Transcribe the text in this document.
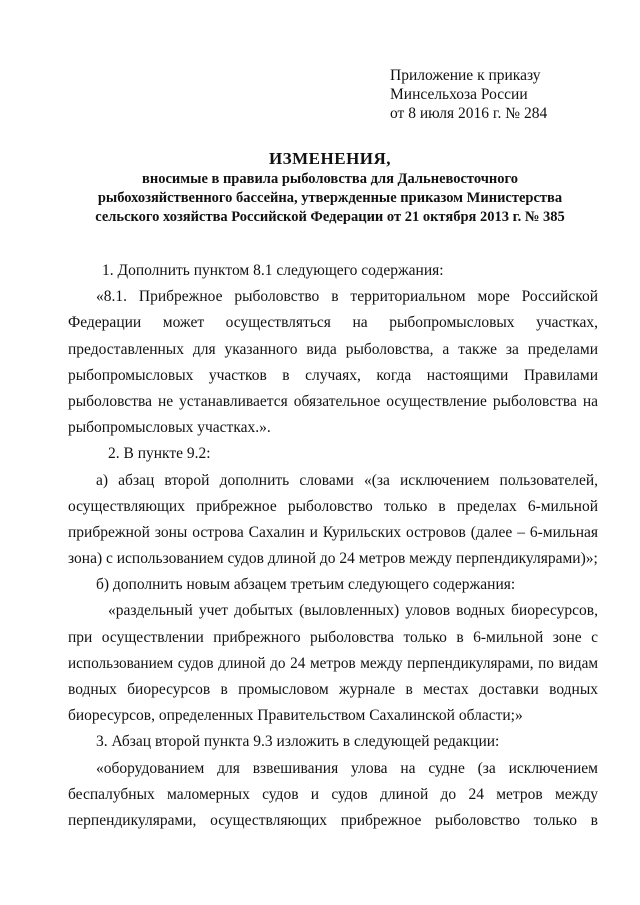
Приложение к приказу
Минсельхоза России
от 8 июля 2016 г. № 284
ИЗМЕНЕНИЯ,
вносимые в правила рыболовства для Дальневосточного
рыбохозяйственного бассейна, утвержденные приказом Министерства
сельского хозяйства Российской Федерации от 21 октября 2013 г. № 385
1. Дополнить пунктом 8.1 следующего содержания:
«8.1. Прибрежное рыболовство в территориальном море Российской
Федерации может осуществляться на рыбопромысловых участках,
предоставленных для указанного вида рыболовства, а также за пределами
рыбопромысловых участков в случаях, когда настоящими Правилами
рыболовства не устанавливается обязательное осуществление рыболовства на
рыбопромысловых участках.».
2. В пункте 9.2:
а) абзац второй дополнить словами «(за исключением пользователей,
осуществляющих прибрежное рыболовство только в пределах 6-мильной
прибрежной зоны острова Сахалин и Курильских островов (далее – 6-мильная
зона) с использованием судов длиной до 24 метров между перпендикулярами)»;
б) дополнить новым абзацем третьим следующего содержания:
«раздельный учет добытых (выловленных) уловов водных биоресурсов,
при осуществлении прибрежного рыболовства только в 6-мильной зоне с
использованием судов длиной до 24 метров между перпендикулярами, по видам
водных биоресурсов в промысловом журнале в местах доставки водных
биоресурсов, определенных Правительством Сахалинской области;»
3. Абзац второй пункта 9.3 изложить в следующей редакции:
«оборудованием для взвешивания улова на судне (за исключением
беспалубных маломерных судов и судов длиной до 24 метров между
перпендикулярами, осуществляющих прибрежное рыболовство только в
